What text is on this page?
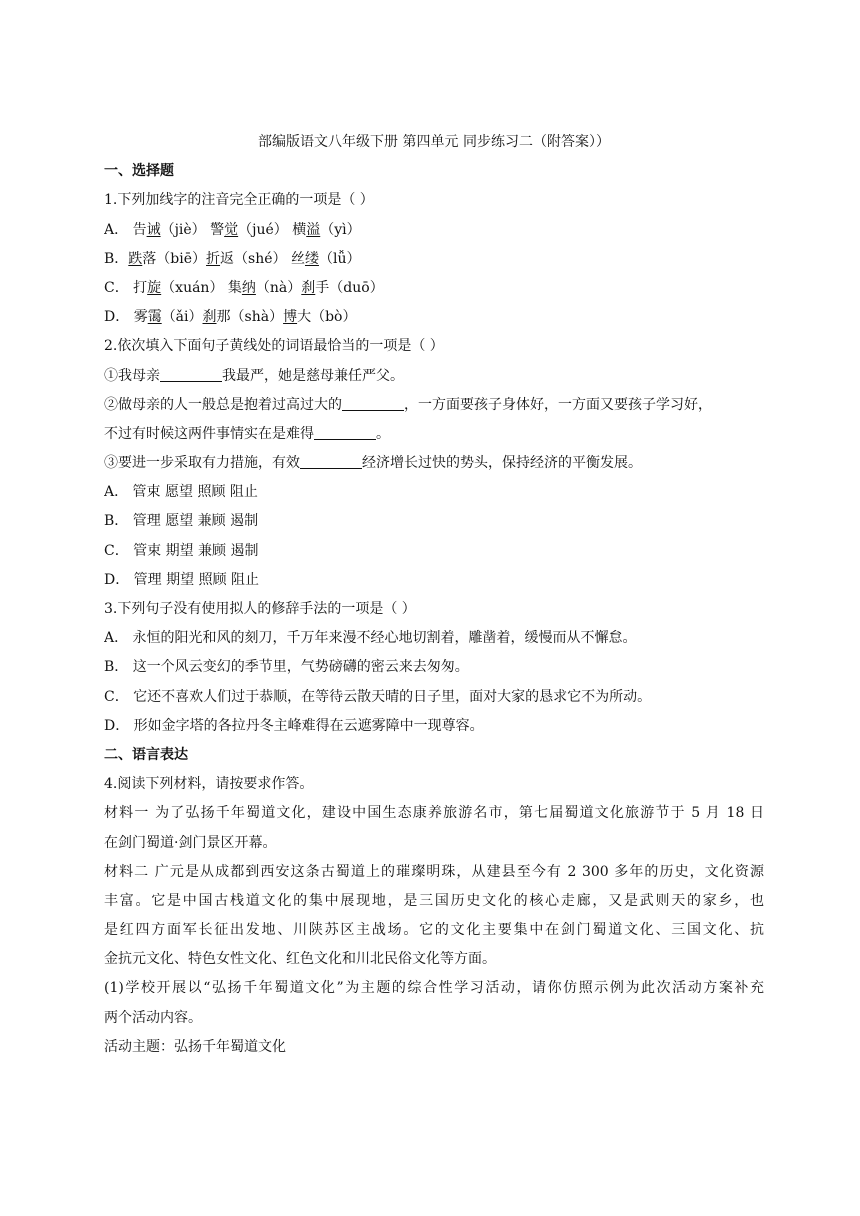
部编版语文八年级下册 第四单元 同步练习二（附答案））
一、选择题
1.下列加线字的注音完全正确的一项是（ ）
A． 告诫（jiè） 警觉（jué） 横溢（yì）
B．跌落（biē）折返（shé） 丝缕（lǚ）
C． 打旋（xuán） 集纳（nà）刹手（duō）
D． 雾霭（ǎi）刹那（shà）博大（bò）
2.依次填入下面句子黄线处的词语最恰当的一项是（ ）
①我母亲	我最严，她是慈母兼任严父。
②做母亲的人一般总是抱着过高过大的	，一方面要孩子身体好，一方面又要孩子学习好，
不过有时候这两件事情实在是难得	。
③要进一步采取有力措施，有效	经济增长过快的势头，保持经济的平衡发展。
A． 管束 愿望 照顾 阻止
B． 管理 愿望 兼顾 遏制
C． 管束 期望 兼顾 遏制
D． 管理 期望 照顾 阻止
3.下列句子没有使用拟人的修辞手法的一项是（ ）
A． 永恒的阳光和风的刻刀，千万年来漫不经心地切割着，雕凿着，缓慢而从不懈怠。
B． 这一个风云变幻的季节里，气势磅礴的密云来去匆匆。
C． 它还不喜欢人们过于恭顺，在等待云散天晴的日子里，面对大家的恳求它不为所动。
D． 形如金字塔的各拉丹冬主峰难得在云遮雾障中一现尊容。
二、语言表达
4.阅读下列材料，请按要求作答。
材料一 为了弘扬千年蜀道文化，建设中国生态康养旅游名市，第七届蜀道文化旅游节于 5 月 18 日
在剑门蜀道·剑门景区开幕。
材料二 广元是从成都到西安这条古蜀道上的璀璨明珠，从建县至今有 2 300 多年的历史，文化资源
丰富。它是中国古栈道文化的集中展现地，是三国历史文化的核心走廊，又是武则天的家乡，也
是红四方面军长征出发地、川陕苏区主战场。它的文化主要集中在剑门蜀道文化、三国文化、抗
金抗元文化、特色女性文化、红色文化和川北民俗文化等方面。
(1)学校开展以“弘扬千年蜀道文化”为主题的综合性学习活动，请你仿照示例为此次活动方案补充
两个活动内容。
活动主题：弘扬千年蜀道文化
